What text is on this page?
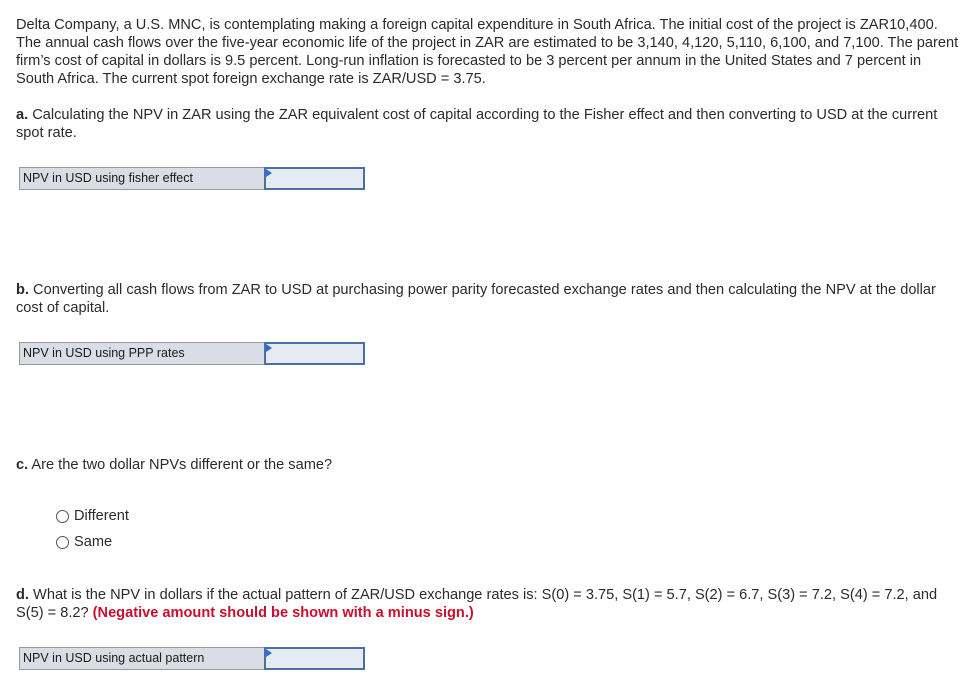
Delta Company, a U.S. MNC, is contemplating making a foreign capital expenditure in South Africa. The initial cost of the project is ZAR10,400. The annual cash flows over the five-year economic life of the project in ZAR are estimated to be 3,140, 4,120, 5,110, 6,100, and 7,100. The parent firm’s cost of capital in dollars is 9.5 percent. Long-run inflation is forecasted to be 3 percent per annum in the United States and 7 percent in South Africa. The current spot foreign exchange rate is ZAR/USD = 3.75.

a. Calculating the NPV in ZAR using the ZAR equivalent cost of capital according to the Fisher effect and then converting to USD at the current spot rate.

NPV in USD using fisher effect

b. Converting all cash flows from ZAR to USD at purchasing power parity forecasted exchange rates and then calculating the NPV at the dollar cost of capital.

NPV in USD using PPP rates

c. Are the two dollar NPVs different or the same?

Different
Same

d. What is the NPV in dollars if the actual pattern of ZAR/USD exchange rates is: S(0) = 3.75, S(1) = 5.7, S(2) = 6.7, S(3) = 7.2, S(4) = 7.2, and S(5) = 8.2? (Negative amount should be shown with a minus sign.)

NPV in USD using actual pattern
